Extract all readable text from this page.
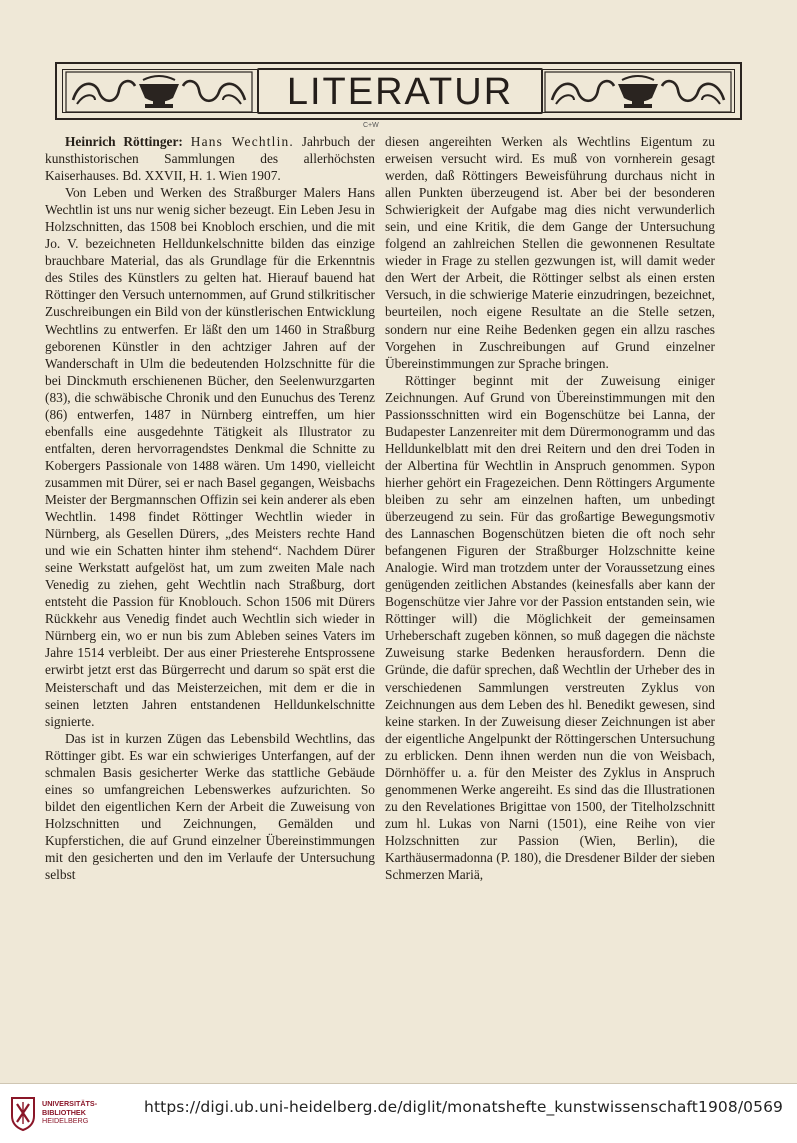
LITERATUR
C+W

Heinrich Röttinger: Hans Wechtlin. Jahrbuch der kunsthistorischen Sammlungen des allerhöchsten Kaiserhauses. Bd. XXVII, H. 1. Wien 1907.

Von Leben und Werken des Straßburger Malers Hans Wechtlin ist uns nur wenig sicher bezeugt. Ein Leben Jesu in Holzschnitten, das 1508 bei Knobloch erschien, und die mit Jo. V. bezeichneten Helldunkelschnitte bilden das einzige brauchbare Material, das als Grundlage für die Erkenntnis des Stiles des Künstlers zu gelten hat. Hierauf bauend hat Röttinger den Versuch unternommen, auf Grund stilkritischer Zuschreibungen ein Bild von der künstlerischen Entwicklung Wechtlins zu entwerfen. Er läßt den um 1460 in Straßburg geborenen Künstler in den achtziger Jahren auf der Wanderschaft in Ulm die bedeutenden Holzschnitte für die bei Dinckmuth erschienenen Bücher, den Seelenwurzgarten (83), die schwäbische Chronik und den Eunuchus des Terenz (86) entwerfen, 1487 in Nürnberg eintreffen, um hier ebenfalls eine ausgedehnte Tätigkeit als Illustrator zu entfalten, deren hervorragendstes Denkmal die Schnitte zu Kobergers Passionale von 1488 wären. Um 1490, vielleicht zusammen mit Dürer, sei er nach Basel gegangen, Weisbachs Meister der Bergmannschen Offizin sei kein anderer als eben Wechtlin. 1498 findet Röttinger Wechtlin wieder in Nürnberg, als Gesellen Dürers, „des Meisters rechte Hand und wie ein Schatten hinter ihm stehend“. Nachdem Dürer seine Werkstatt aufgelöst hat, um zum zweiten Male nach Venedig zu ziehen, geht Wechtlin nach Straßburg, dort entsteht die Passion für Knoblouch. Schon 1506 mit Dürers Rückkehr aus Venedig findet auch Wechtlin sich wieder in Nürnberg ein, wo er nun bis zum Ableben seines Vaters im Jahre 1514 verbleibt. Der aus einer Priesterehe Entsprossene erwirbt jetzt erst das Bürgerrecht und darum so spät erst die Meisterschaft und das Meisterzeichen, mit dem er die in seinen letzten Jahren entstandenen Helldunkelschnitte signierte.

Das ist in kurzen Zügen das Lebensbild Wechtlins, das Röttinger gibt. Es war ein schwieriges Unterfangen, auf der schmalen Basis gesicherter Werke das stattliche Gebäude eines so umfangreichen Lebenswerkes aufzurichten. So bildet den eigentlichen Kern der Arbeit die Zuweisung von Holzschnitten und Zeichnungen, Gemälden und Kupferstichen, die auf Grund einzelner Übereinstimmungen mit den gesicherten und den im Verlaufe der Untersuchung selbst

diesen angereihten Werken als Wechtlins Eigentum zu erweisen versucht wird. Es muß von vornherein gesagt werden, daß Röttingers Beweisführung durchaus nicht in allen Punkten überzeugend ist. Aber bei der besonderen Schwierigkeit der Aufgabe mag dies nicht verwunderlich sein, und eine Kritik, die dem Gange der Untersuchung folgend an zahlreichen Stellen die gewonnenen Resultate wieder in Frage zu stellen gezwungen ist, will damit weder den Wert der Arbeit, die Röttinger selbst als einen ersten Versuch, in die schwierige Materie einzudringen, bezeichnet, beurteilen, noch eigene Resultate an die Stelle setzen, sondern nur eine Reihe Bedenken gegen ein allzu rasches Vorgehen in Zuschreibungen auf Grund einzelner Übereinstimmungen zur Sprache bringen.

Röttinger beginnt mit der Zuweisung einiger Zeichnungen. Auf Grund von Übereinstimmungen mit den Passionsschnitten wird ein Bogenschütze bei Lanna, der Budapester Lanzenreiter mit dem Dürermonogramm und das Helldunkelblatt mit den drei Reitern und den drei Toden in der Albertina für Wechtlin in Anspruch genommen. Sypon hierher gehört ein Fragezeichen. Denn Röttingers Argumente bleiben zu sehr am einzelnen haften, um unbedingt überzeugend zu sein. Für das großartige Bewegungsmotiv des Lannaschen Bogenschützen bieten die oft noch sehr befangenen Figuren der Straßburger Holzschnitte keine Analogie. Wird man trotzdem unter der Voraussetzung eines genügenden zeitlichen Abstandes (keinesfalls aber kann der Bogenschütze vier Jahre vor der Passion entstanden sein, wie Röttinger will) die Möglichkeit der gemeinsamen Urheberschaft zugeben können, so muß dagegen die nächste Zuweisung starke Bedenken herausfordern. Denn die Gründe, die dafür sprechen, daß Wechtlin der Urheber des in verschiedenen Sammlungen verstreuten Zyklus von Zeichnungen aus dem Leben des hl. Benedikt gewesen, sind keine starken. In der Zuweisung dieser Zeichnungen ist aber der eigentliche Angelpunkt der Röttingerschen Untersuchung zu erblicken. Denn ihnen werden nun die von Weisbach, Dörnhöffer u. a. für den Meister des Zyklus in Anspruch genommenen Werke angereiht. Es sind das die Illustrationen zu den Revelationes Brigittae von 1500, der Titelholzschnitt zum hl. Lukas von Narni (1501), eine Reihe von vier Holzschnitten zur Passion (Wien, Berlin), die Karthäusermadonna (P. 180), die Dresdener Bilder der sieben Schmerzen Mariä,

UNIVERSITÄTS-
BIBLIOTHEK
HEIDELBERG
https://digi.ub.uni-heidelberg.de/diglit/monatshefte_kunstwissenschaft1908/0569
